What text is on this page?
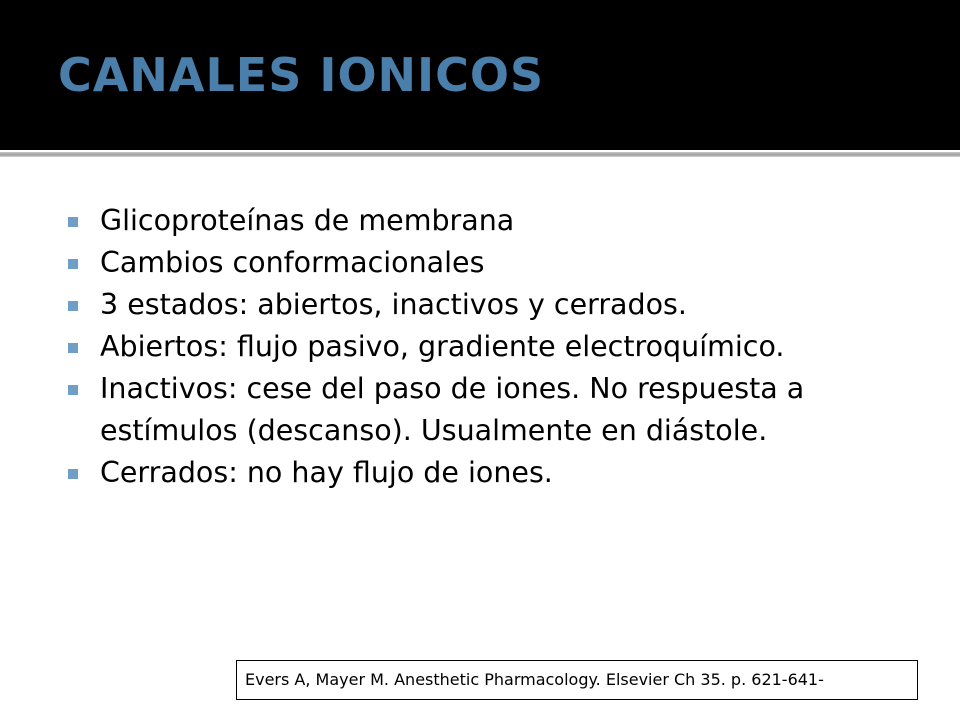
CANALES IONICOS
Glicoproteínas de membrana
Cambios conformacionales
3 estados: abiertos, inactivos y cerrados.
Abiertos: flujo pasivo, gradiente electroquímico.
Inactivos: cese del paso de iones. No respuesta a estímulos (descanso). Usualmente en diástole.
Cerrados: no hay flujo de iones.
Evers A, Mayer M. Anesthetic Pharmacology. Elsevier Ch 35. p. 621-641-
